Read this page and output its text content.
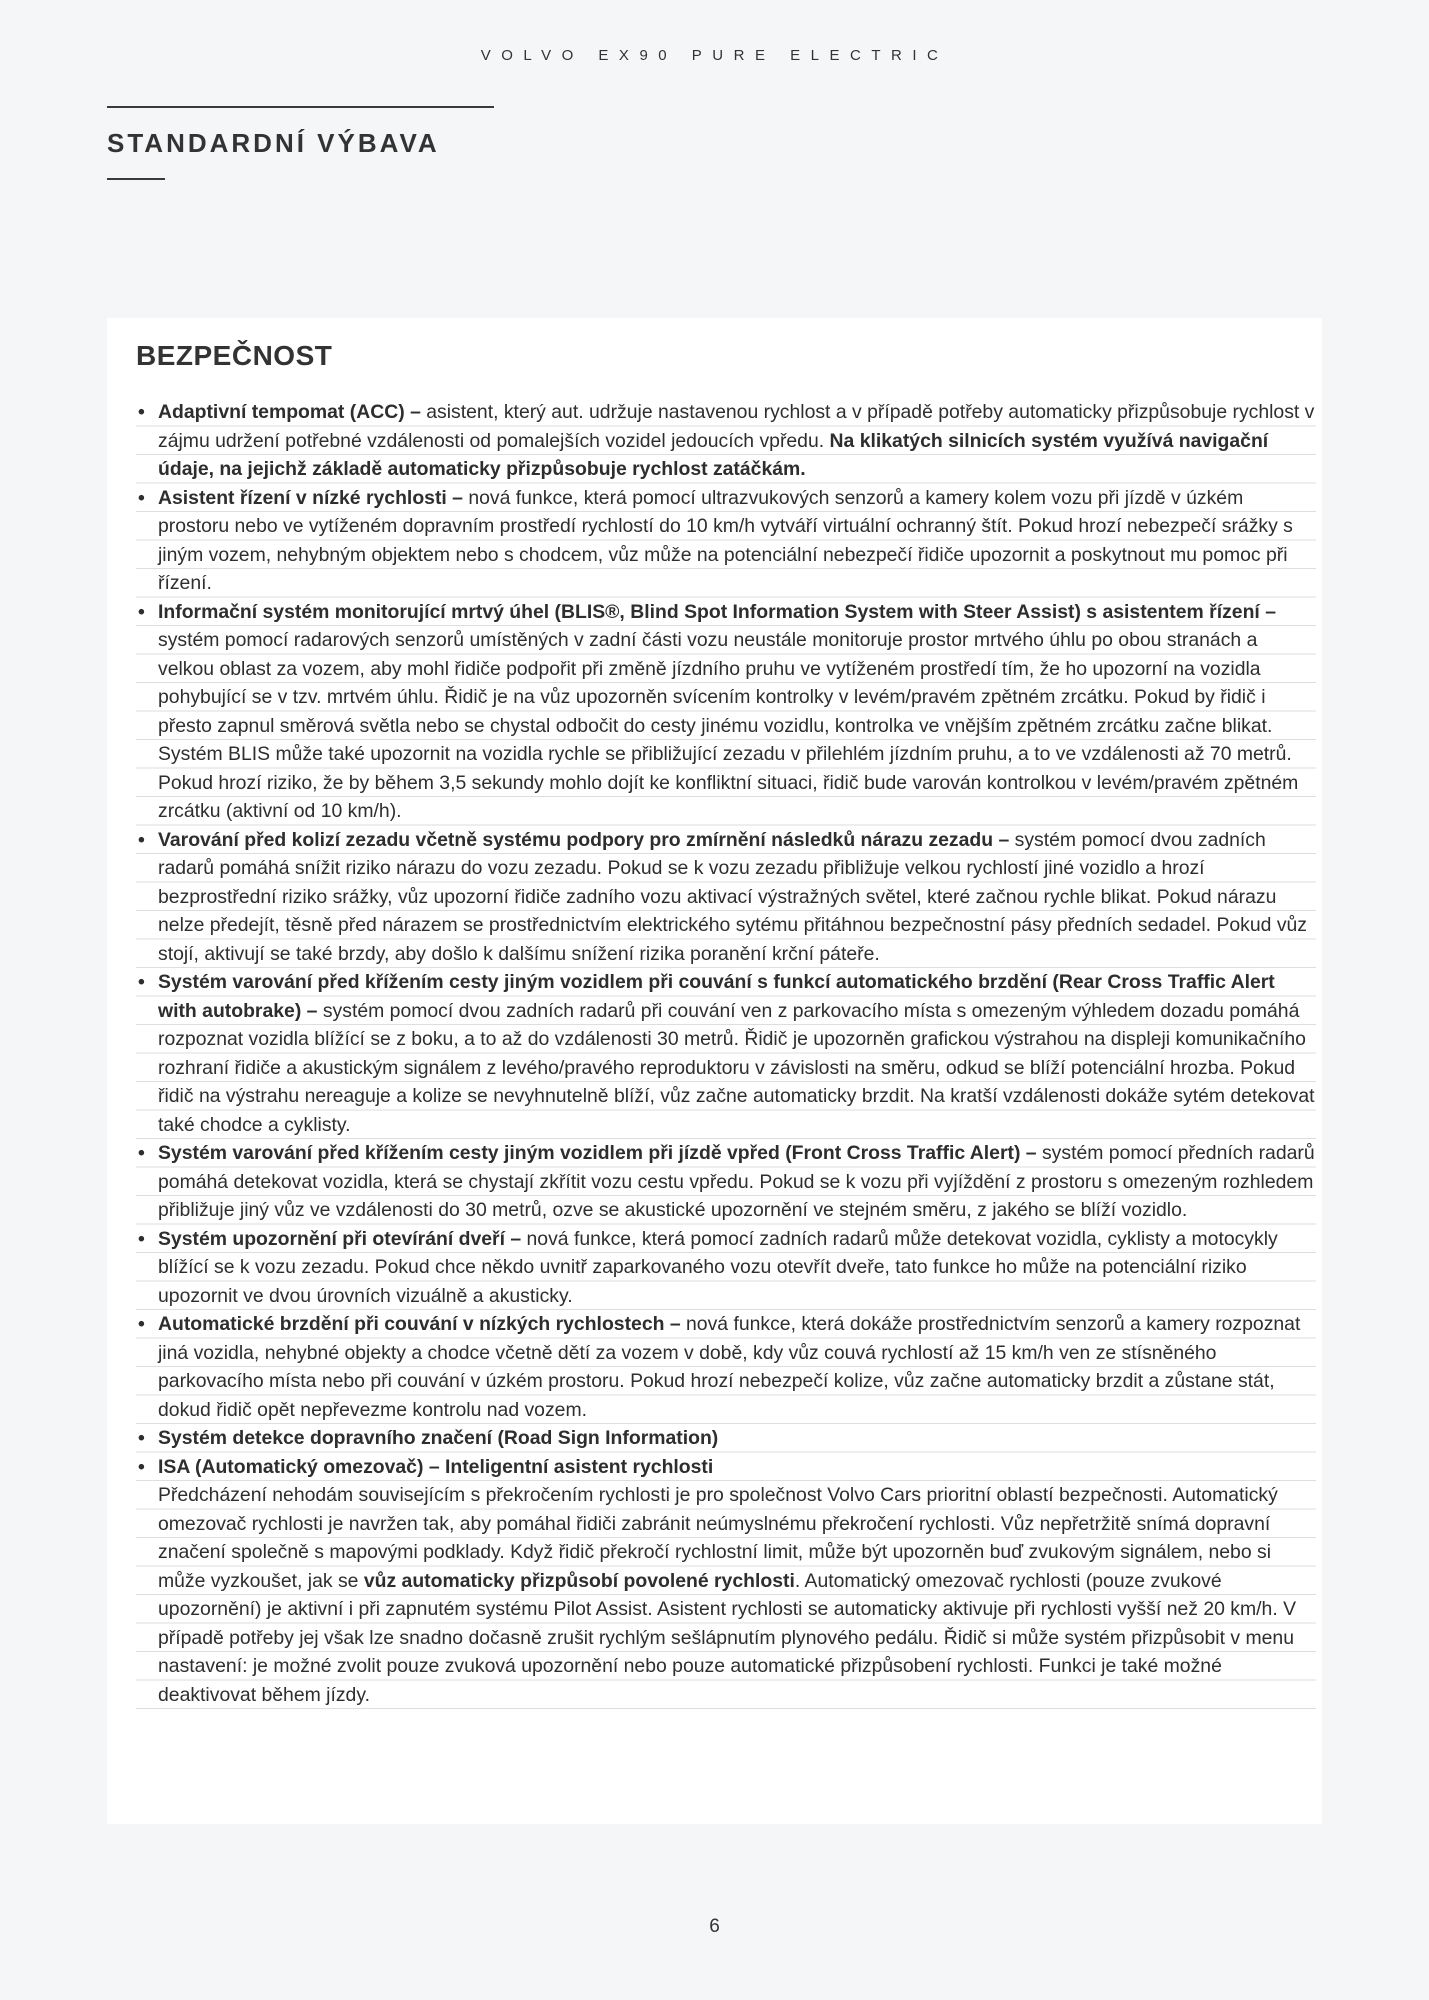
VOLVO EX90 PURE ELECTRIC
STANDARDNÍ VÝBAVA
BEZPEČNOST
• Adaptivní tempomat (ACC) – asistent, který aut. udržuje nastavenou rychlost a v případě potřeby automaticky přizpůsobuje rychlost v zájmu udržení potřebné vzdálenosti od pomalejších vozidel jedoucích vpředu. Na klikatých silnicích systém využívá navigační údaje, na jejichž základě automaticky přizpůsobuje rychlost zatáčkám.
• Asistent řízení v nízké rychlosti – nová funkce, která pomocí ultrazvukových senzorů a kamery kolem vozu při jízdě v úzkém prostoru nebo ve vytíženém dopravním prostředí rychlostí do 10 km/h vytváří virtuální ochranný štít. Pokud hrozí nebezpečí srážky s jiným vozem, nehybným objektem nebo s chodcem, vůz může na potenciální nebezpečí řidiče upozornit a poskytnout mu pomoc při řízení.
• Informační systém monitorující mrtvý úhel (BLIS®, Blind Spot Information System with Steer Assist) s asistentem řízení – systém pomocí radarových senzorů umístěných v zadní části vozu neustále monitoruje prostor mrtvého úhlu po obou stranách a velkou oblast za vozem, aby mohl řidiče podpořit při změně jízdního pruhu ve vytíženém prostředí tím, že ho upozorní na vozidla pohybující se v tzv. mrtvém úhlu. Řidič je na vůz upozorněn svícením kontrolky v levém/pravém zpětném zrcátku. Pokud by řidič i přesto zapnul směrová světla nebo se chystal odbočit do cesty jinému vozidlu, kontrolka ve vnějším zpětném zrcátku začne blikat. Systém BLIS může také upozornit na vozidla rychle se přibližující zezadu v přilehlém jízdním pruhu, a to ve vzdálenosti až 70 metrů. Pokud hrozí riziko, že by během 3,5 sekundy mohlo dojít ke konfliktní situaci, řidič bude varován kontrolkou v levém/pravém zpětném zrcátku (aktivní od 10 km/h).
• Varování před kolizí zezadu včetně systému podpory pro zmírnění následků nárazu zezadu – systém pomocí dvou zadních radarů pomáhá snížit riziko nárazu do vozu zezadu. Pokud se k vozu zezadu přibližuje velkou rychlostí jiné vozidlo a hrozí bezprostřední riziko srážky, vůz upozorní řidiče zadního vozu aktivací výstražných světel, které začnou rychle blikat. Pokud nárazu nelze předejít, těsně před nárazem se prostřednictvím elektrického sytému přitáhnou bezpečnostní pásy předních sedadel. Pokud vůz stojí, aktivují se také brzdy, aby došlo k dalšímu snížení rizika poranění krční páteře.
• Systém varování před křížením cesty jiným vozidlem při couvání s funkcí automatického brzdění (Rear Cross Traffic Alert with autobrake) – systém pomocí dvou zadních radarů při couvání ven z parkovacího místa s omezeným výhledem dozadu pomáhá rozpoznat vozidla blížící se z boku, a to až do vzdálenosti 30 metrů. Řidič je upozorněn grafickou výstrahou na displeji komunikačního rozhraní řidiče a akustickým signálem z levého/pravého reproduktoru v závislosti na směru, odkud se blíží potenciální hrozba. Pokud řidič na výstrahu nereaguje a kolize se nevyhnutelně blíží, vůz začne automaticky brzdit. Na kratší vzdálenosti dokáže sytém detekovat také chodce a cyklisty.
• Systém varování před křížením cesty jiným vozidlem při jízdě vpřed (Front Cross Traffic Alert) – systém pomocí předních radarů pomáhá detekovat vozidla, která se chystají zkřítit vozu cestu vpředu. Pokud se k vozu při vyjíždění z prostoru s omezeným rozhledem přibližuje jiný vůz ve vzdálenosti do 30 metrů, ozve se akustické upozornění ve stejném směru, z jakého se blíží vozidlo.
• Systém upozornění při otevírání dveří – nová funkce, která pomocí zadních radarů může detekovat vozidla, cyklisty a motocykly blížící se k vozu zezadu. Pokud chce někdo uvnitř zaparkovaného vozu otevřít dveře, tato funkce ho může na potenciální riziko upozornit ve dvou úrovních vizuálně a akusticky.
• Automatické brzdění při couvání v nízkých rychlostech – nová funkce, která dokáže prostřednictvím senzorů a kamery rozpoznat jiná vozidla, nehybné objekty a chodce včetně dětí za vozem v době, kdy vůz couvá rychlostí až 15 km/h ven ze stísněného parkovacího místa nebo při couvání v úzkém prostoru. Pokud hrozí nebezpečí kolize, vůz začne automaticky brzdit a zůstane stát, dokud řidič opět nepřevezme kontrolu nad vozem.
• Systém detekce dopravního značení (Road Sign Information)
• ISA (Automatický omezovač) – Inteligentní asistent rychlosti

Předcházení nehodám souvisejícím s překročením rychlosti je pro společnost Volvo Cars prioritní oblastí bezpečnosti. Automatický omezovač rychlosti je navržen tak, aby pomáhal řidiči zabránit neúmyslnému překročení rychlosti. Vůz nepřetržitě snímá dopravní značení společně s mapovými podklady. Když řidič překročí rychlostní limit, může být upozorněn buď zvukovým signálem, nebo si může vyzkoušet, jak se vůz automaticky přizpůsobí povolené rychlosti. Automatický omezovač rychlosti (pouze zvukové upozornění) je aktivní i při zapnutém systému Pilot Assist. Asistent rychlosti se automaticky aktivuje při rychlosti vyšší než 20 km/h. V případě potřeby jej však lze snadno dočasně zrušit rychlým sešlápnutím plynového pedálu. Řidič si může systém přizpůsobit v menu nastavení: je možné zvolit pouze zvuková upozornění nebo pouze automatické přizpůsobení rychlosti. Funkci je také možné deaktivovat během jízdy.

6
